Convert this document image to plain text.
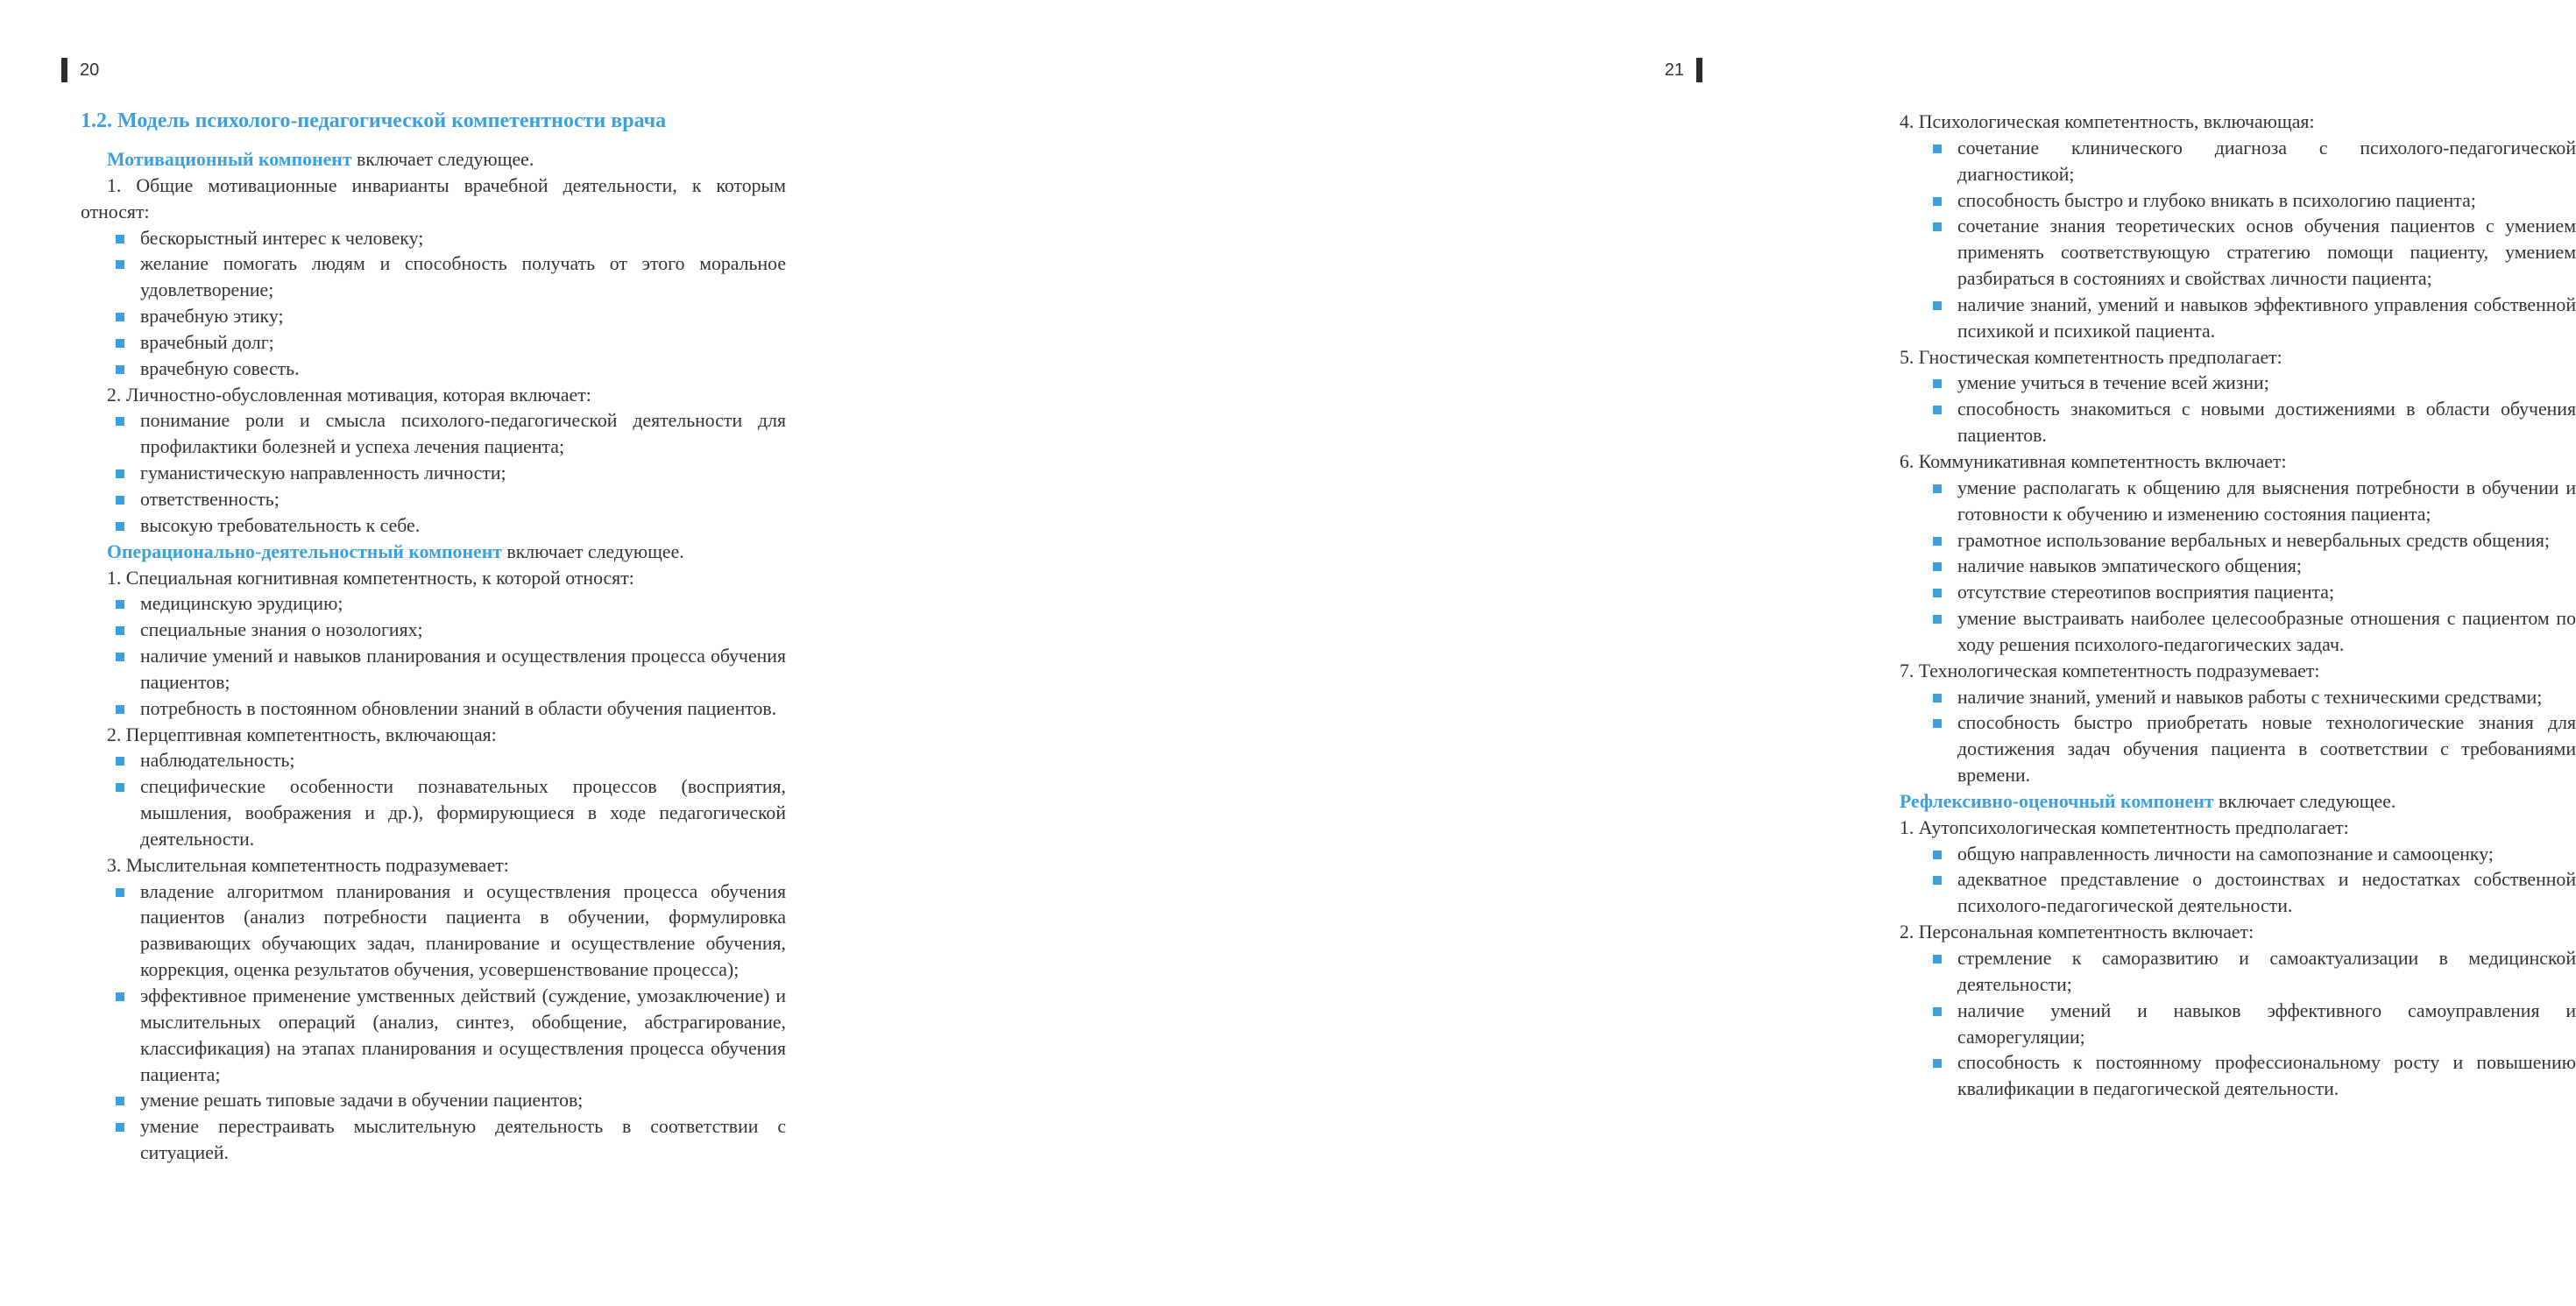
20
1.2. Модель психолого-педагогической компетентности врача
Мотивационный компонент включает следующее.
1. Общие мотивационные инварианты врачебной деятельности, к которым относят:
бескорыстный интерес к человеку;
желание помогать людям и способность получать от этого моральное удовлетворение;
врачебную этику;
врачебный долг;
врачебную совесть.
2. Личностно-обусловленная мотивация, которая включает:
понимание роли и смысла психолого-педагогической деятельности для профилактики болезней и успеха лечения пациента;
гуманистическую направленность личности;
ответственность;
высокую требовательность к себе.
Операционально-деятельностный компонент включает следующее.
1. Специальная когнитивная компетентность, к которой относят:
медицинскую эрудицию;
специальные знания о нозологиях;
наличие умений и навыков планирования и осуществления процесса обучения пациентов;
потребность в постоянном обновлении знаний в области обучения пациентов.
2. Перцептивная компетентность, включающая:
наблюдательность;
специфические особенности познавательных процессов (восприятия, мышления, воображения и др.), формирующиеся в ходе педагогической деятельности.
3. Мыслительная компетентность подразумевает:
владение алгоритмом планирования и осуществления процесса обучения пациентов (анализ потребности пациента в обучении, формулировка развивающих обучающих задач, планирование и осуществление обучения, коррекция, оценка результатов обучения, усовершенствование процесса);
эффективное применение умственных действий (суждение, умозаключение) и мыслительных операций (анализ, синтез, обобщение, абстрагирование, классификация) на этапах планирования и осуществления процесса обучения пациента;
умение решать типовые задачи в обучении пациентов;
умение перестраивать мыслительную деятельность в соответствии с ситуацией.
21
4. Психологическая компетентность, включающая:
сочетание клинического диагноза с психолого-педагогической диагностикой;
способность быстро и глубоко вникать в психологию пациента;
сочетание знания теоретических основ обучения пациентов с умением применять соответствующую стратегию помощи пациенту, умением разбираться в состояниях и свойствах личности пациента;
наличие знаний, умений и навыков эффективного управления собственной психикой и психикой пациента.
5. Гностическая компетентность предполагает:
умение учиться в течение всей жизни;
способность знакомиться с новыми достижениями в области обучения пациентов.
6. Коммуникативная компетентность включает:
умение располагать к общению для выяснения потребности в обучении и готовности к обучению и изменению состояния пациента;
грамотное использование вербальных и невербальных средств общения;
наличие навыков эмпатического общения;
отсутствие стереотипов восприятия пациента;
умение выстраивать наиболее целесообразные отношения с пациентом по ходу решения психолого-педагогических задач.
7. Технологическая компетентность подразумевает:
наличие знаний, умений и навыков работы с техническими средствами;
способность быстро приобретать новые технологические знания для достижения задач обучения пациента в соответствии с требованиями времени.
Рефлексивно-оценочный компонент включает следующее.
1. Аутопсихологическая компетентность предполагает:
общую направленность личности на самопознание и самооценку;
адекватное представление о достоинствах и недостатках собственной психолого-педагогической деятельности.
2. Персональная компетентность включает:
стремление к саморазвитию и самоактуализации в медицинской деятельности;
наличие умений и навыков эффективного самоуправления и саморегуляции;
способность к постоянному профессиональному росту и повышению квалификации в педагогической деятельности.
